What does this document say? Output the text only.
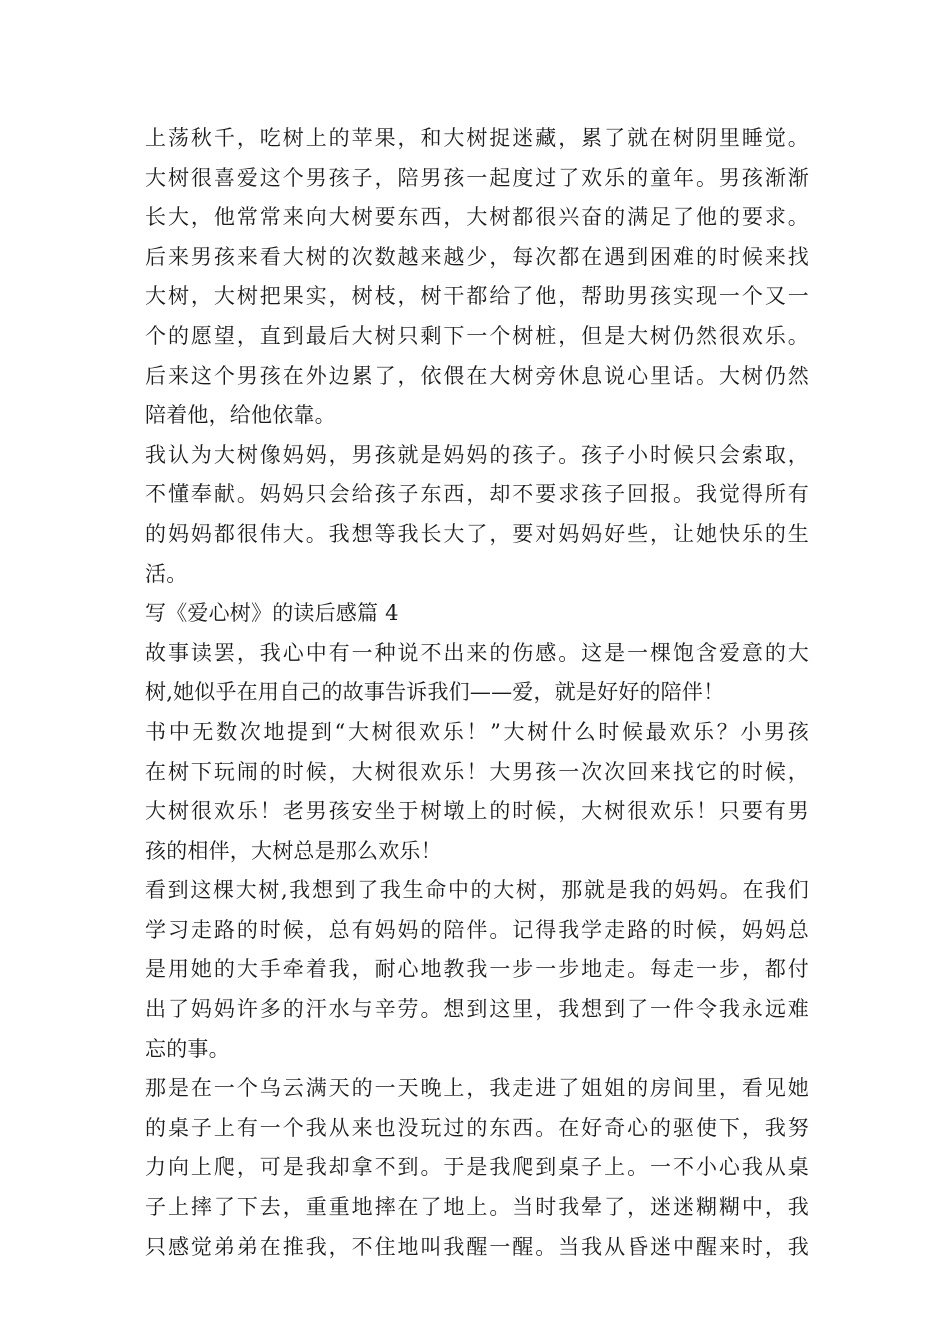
上荡秋千，吃树上的苹果，和大树捉迷藏，累了就在树阴里睡觉。
大树很喜爱这个男孩子，陪男孩一起度过了欢乐的童年。男孩渐渐
长大，他常常来向大树要东西，大树都很兴奋的满足了他的要求。
后来男孩来看大树的次数越来越少，每次都在遇到困难的时候来找
大树，大树把果实，树枝，树干都给了他，帮助男孩实现一个又一
个的愿望，直到最后大树只剩下一个树桩，但是大树仍然很欢乐。
后来这个男孩在外边累了，依偎在大树旁休息说心里话。大树仍然
陪着他，给他依靠。
我认为大树像妈妈，男孩就是妈妈的孩子。孩子小时候只会索取，
不懂奉献。妈妈只会给孩子东西，却不要求孩子回报。我觉得所有
的妈妈都很伟大。我想等我长大了，要对妈妈好些，让她快乐的生
活。
写《爱心树》的读后感篇 4
故事读罢，我心中有一种说不出来的伤感。这是一棵饱含爱意的大
树,她似乎在用自己的故事告诉我们——爱，就是好好的陪伴！
书中无数次地提到“大树很欢乐！”大树什么时候最欢乐？小男孩
在树下玩闹的时候，大树很欢乐！大男孩一次次回来找它的时候，
大树很欢乐！老男孩安坐于树墩上的时候，大树很欢乐！只要有男
孩的相伴，大树总是那么欢乐！
看到这棵大树,我想到了我生命中的大树，那就是我的妈妈。在我们
学习走路的时候，总有妈妈的陪伴。记得我学走路的时候，妈妈总
是用她的大手牵着我，耐心地教我一步一步地走。每走一步，都付
出了妈妈许多的汗水与辛劳。想到这里，我想到了一件令我永远难
忘的事。
那是在一个乌云满天的一天晚上，我走进了姐姐的房间里，看见她
的桌子上有一个我从来也没玩过的东西。在好奇心的驱使下，我努
力向上爬，可是我却拿不到。于是我爬到桌子上。一不小心我从桌
子上摔了下去，重重地摔在了地上。当时我晕了，迷迷糊糊中，我
只感觉弟弟在推我，不住地叫我醒一醒。当我从昏迷中醒来时，我
